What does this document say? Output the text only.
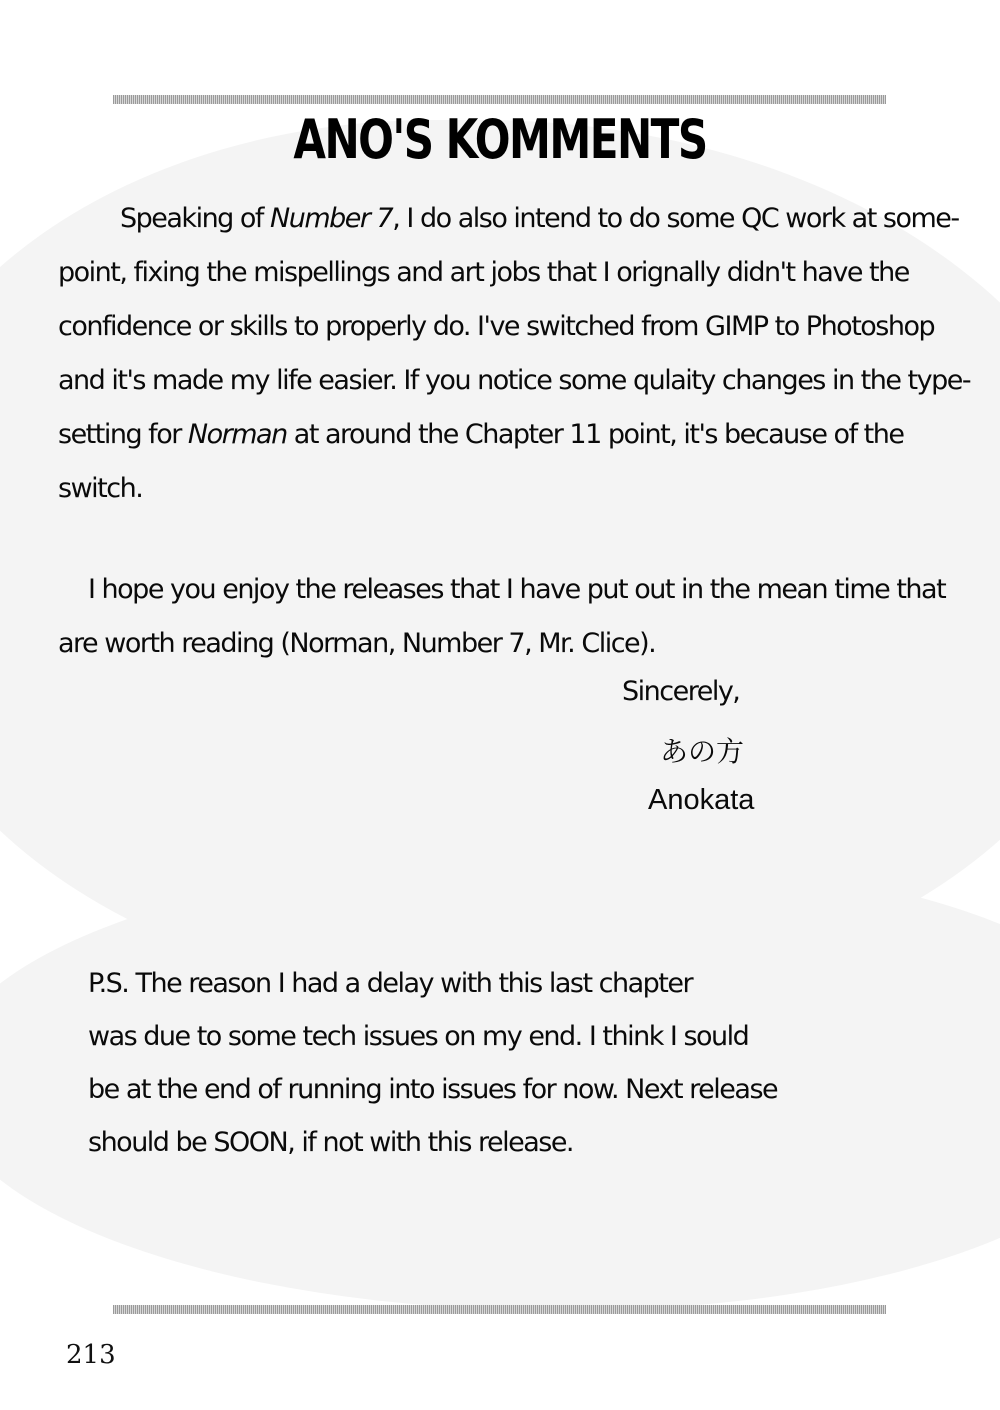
ANO'S KOMMENTS
Speaking of Number 7, I do also intend to do some QC work at some-
point, fixing the mispellings and art jobs that I orignally didn't have the
confidence or skills to properly do. I've switched from GIMP to Photoshop
and it's made my life easier. If you notice some qulaity changes in the type-
setting for Norman at around the Chapter 11 point, it's because of the
switch.
I hope you enjoy the releases that I have put out in the mean time that
are worth reading (Norman, Number 7, Mr. Clice).
Sincerely,
あの方
Anokata
P.S. The reason I had a delay with this last chapter
was due to some tech issues on my end. I think I sould
be at the end of running into issues for now. Next release
should be SOON, if not with this release.
213
